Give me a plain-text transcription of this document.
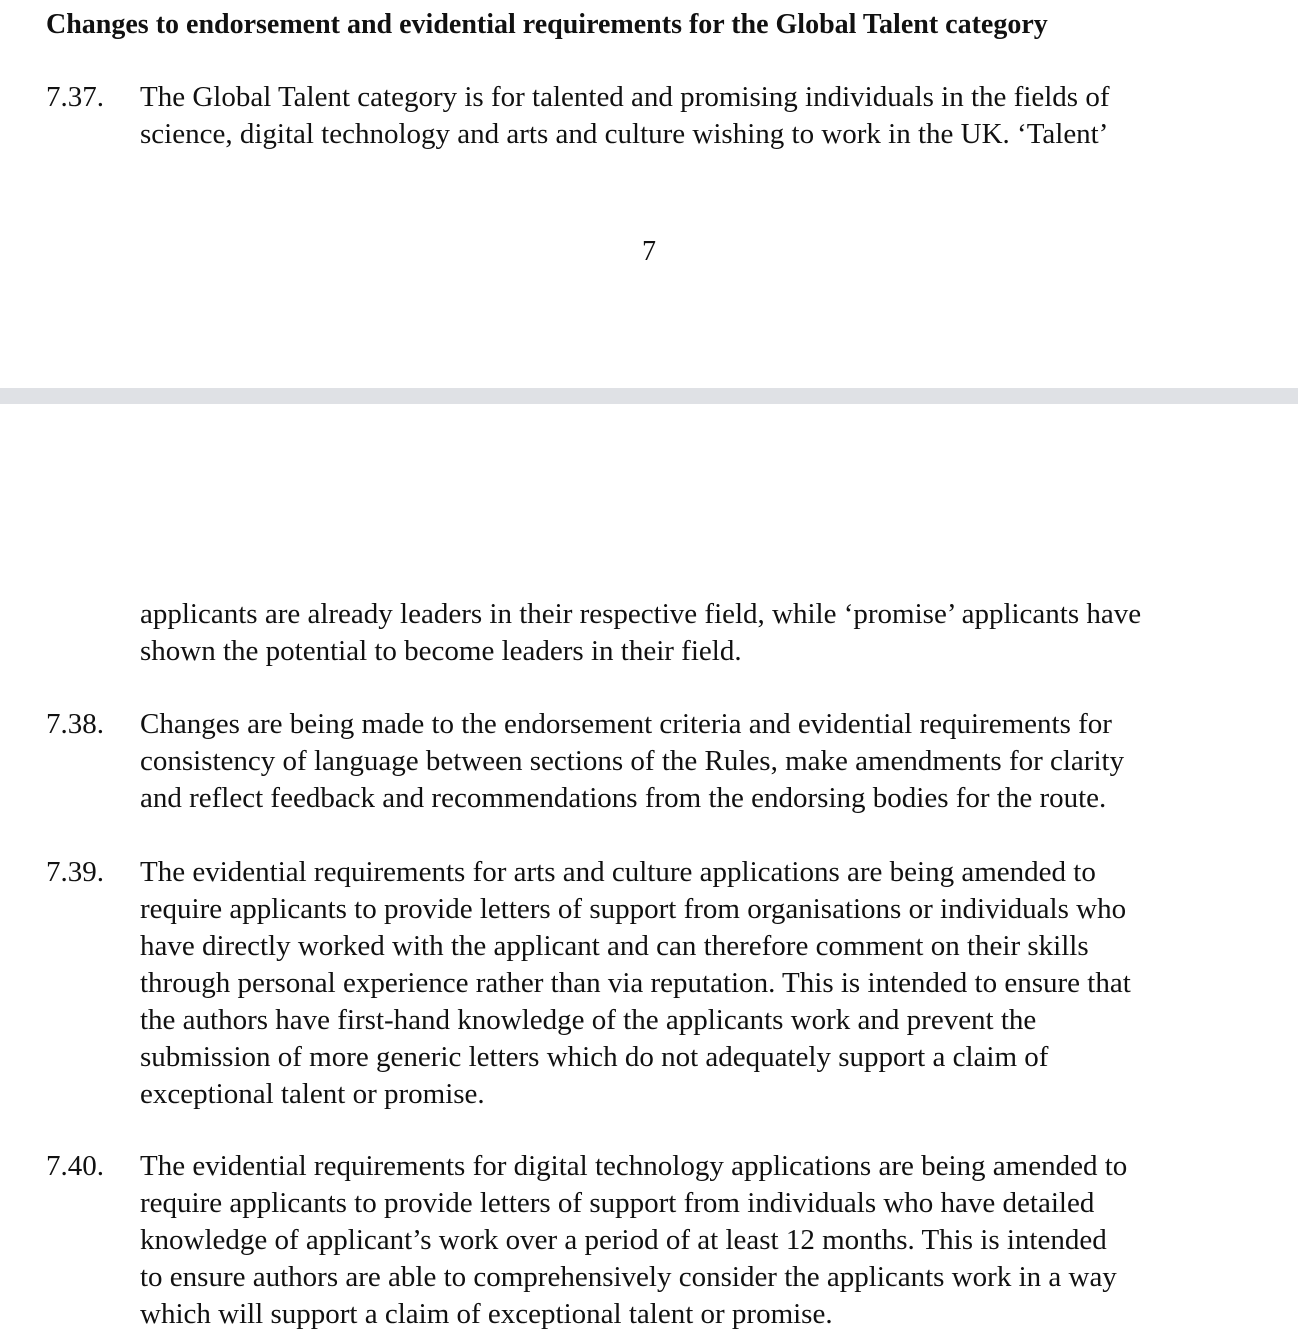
Changes to endorsement and evidential requirements for the Global Talent category
7.37. The Global Talent category is for talented and promising individuals in the fields of
science, digital technology and arts and culture wishing to work in the UK. ‘Talent’
7
applicants are already leaders in their respective field, while ‘promise’ applicants have
shown the potential to become leaders in their field.
7.38. Changes are being made to the endorsement criteria and evidential requirements for
consistency of language between sections of the Rules, make amendments for clarity
and reflect feedback and recommendations from the endorsing bodies for the route.
7.39. The evidential requirements for arts and culture applications are being amended to
require applicants to provide letters of support from organisations or individuals who
have directly worked with the applicant and can therefore comment on their skills
through personal experience rather than via reputation. This is intended to ensure that
the authors have first-hand knowledge of the applicants work and prevent the
submission of more generic letters which do not adequately support a claim of
exceptional talent or promise.
7.40. The evidential requirements for digital technology applications are being amended to
require applicants to provide letters of support from individuals who have detailed
knowledge of applicant’s work over a period of at least 12 months. This is intended
to ensure authors are able to comprehensively consider the applicants work in a way
which will support a claim of exceptional talent or promise.
